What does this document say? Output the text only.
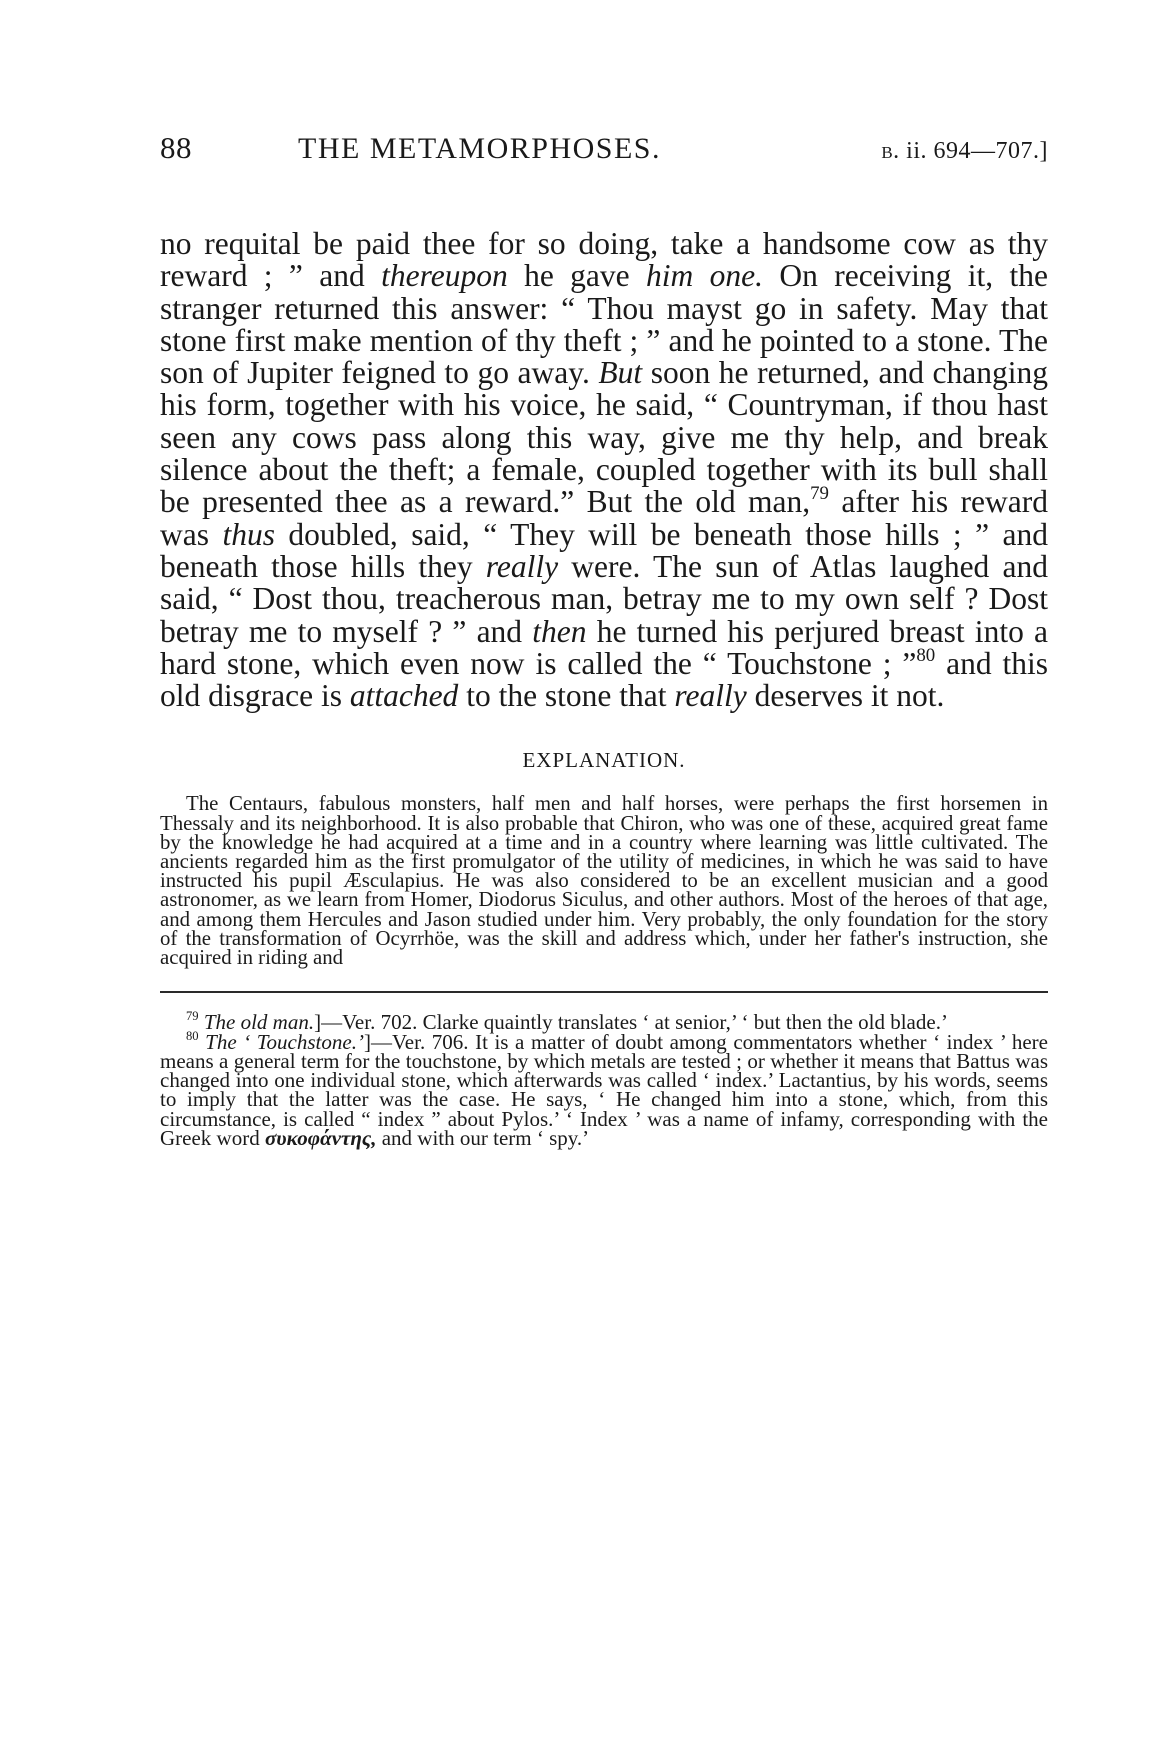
88	THE METAMORPHOSES.	b. ii. 694—707.]

no requital be paid thee for so doing, take a handsome cow as thy reward ; ” and thereupon he gave him one. On receiving it, the stranger returned this answer: “ Thou mayst go in safety. May that stone first make mention of thy theft ; ” and he pointed to a stone. The son of Jupiter feigned to go away. But soon he returned, and changing his form, together with his voice, he said, “ Countryman, if thou hast seen any cows pass along this way, give me thy help, and break silence about the theft; a female, coupled together with its bull shall be presented thee as a reward.” But the old man,$^{79}$ after his reward was thus doubled, said, “ They will be beneath those hills ; ” and beneath those hills they really were. The sun of Atlas laughed and said, “ Dost thou, treacherous man, betray me to my own self ? Dost betray me to myself ? ” and then he turned his perjured breast into a hard stone, which even now is called the “ Touchstone ; ”$^{80}$ and this old disgrace is attached to the stone that really deserves it not.

EXPLANATION.

The Centaurs, fabulous monsters, half men and half horses, were perhaps the first horsemen in Thessaly and its neighborhood. It is also probable that Chiron, who was one of these, acquired great fame by the knowledge he had acquired at a time and in a country where learning was little cultivated. The ancients regarded him as the first promulgator of the utility of medicines, in which he was said to have instructed his pupil Æsculapius. He was also considered to be an excellent musician and a good astronomer, as we learn from Homer, Diodorus Siculus, and other authors. Most of the heroes of that age, and among them Hercules and Jason studied under him. Very probably, the only foundation for the story of the transformation of Ocyrrhöe, was the skill and address which, under her father's instruction, she acquired in riding and

$^{79}$ The old man.]—Ver. 702. Clarke quaintly translates ‘ at senior,’ ‘ but then the old blade.’

$^{80}$ The ‘ Touchstone.’]—Ver. 706. It is a matter of doubt among commentators whether ‘ index ’ here means a general term for the touchstone, by which metals are tested ; or whether it means that Battus was changed into one individual stone, which afterwards was called ‘ index.’ Lactantius, by his words, seems to imply that the latter was the case. He says, ‘ He changed him into a stone, which, from this circumstance, is called “ index ” about Pylos.’ ‘ Index ’ was a name of infamy, corresponding with the Greek word συκοφάντης, and with our term ‘ spy.’
